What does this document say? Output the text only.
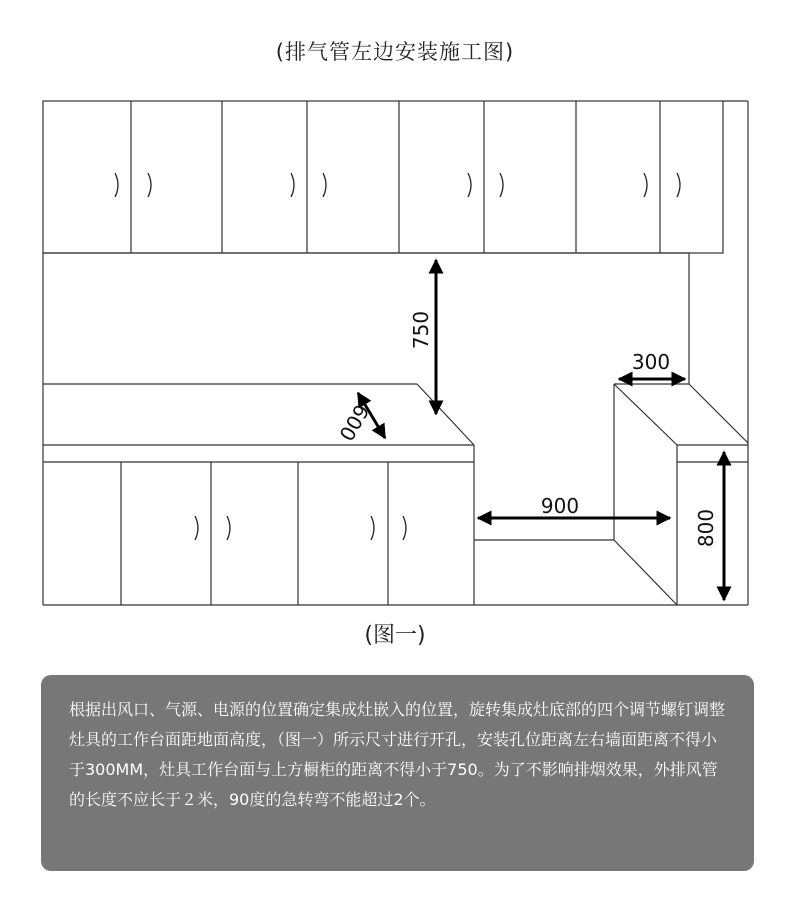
(排气管左边安装施工图)
750
300
600
900
800
(图一)
根据出风口、气源、电源的位置确定集成灶嵌入的位置，旋转集成灶底部的四个调节螺钉调整灶具的工作台面距地面高度，（图一）所示尺寸进行开孔，安装孔位距离左右墙面距离不得小于300MM，灶具工作台面与上方橱柜的距离不得小于750。为了不影响排烟效果，外排风管的长度不应长于２米，90度的急转弯不能超过2个。
